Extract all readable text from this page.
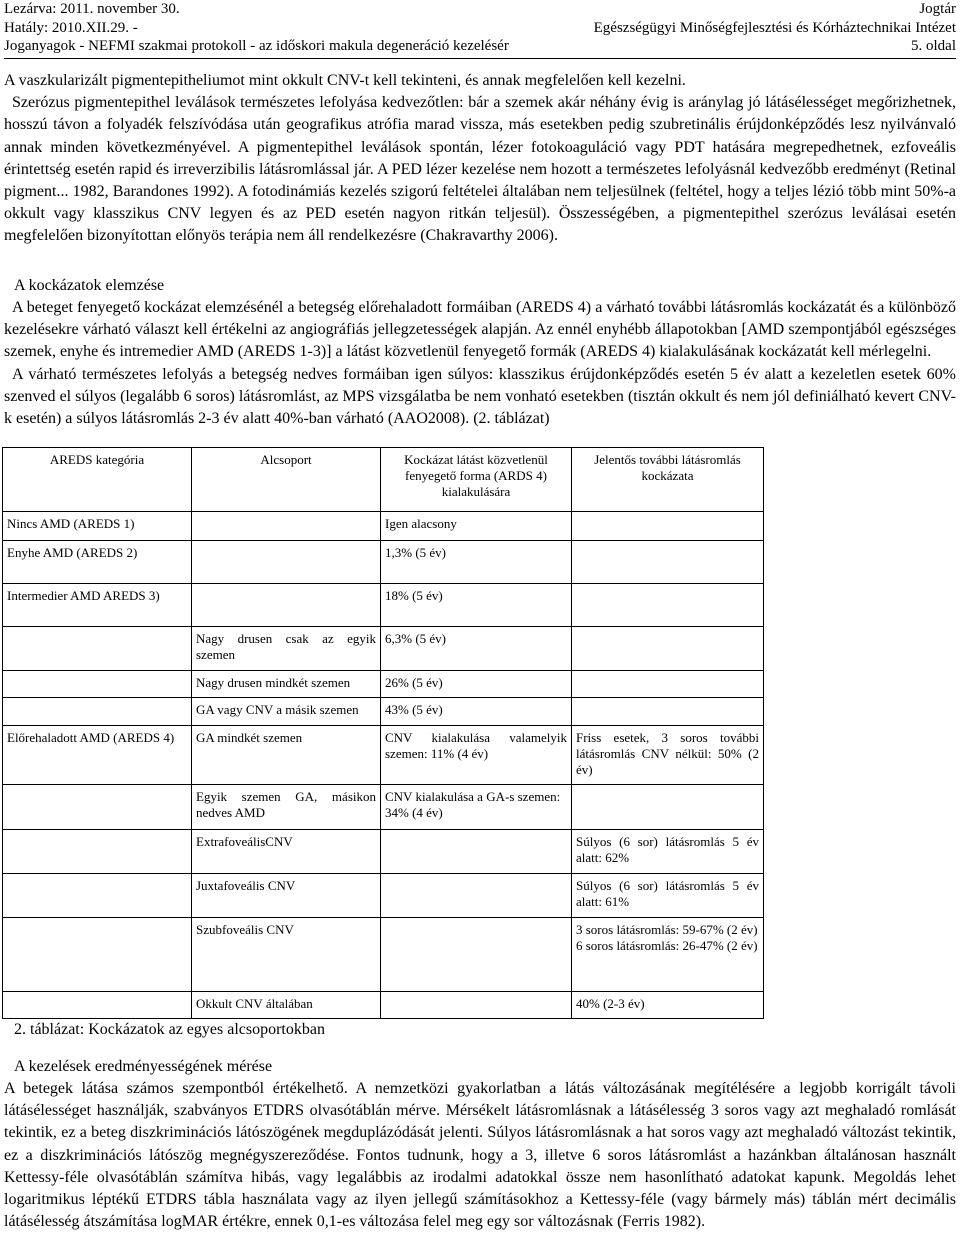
Lezárva: 2011. november 30.
Hatály: 2010.XII.29. -
Joganyagok - NEFMI szakmai protokoll - az időskori makula degeneráció kezelésér
Jogtár
Egészségügyi Minőségfejlesztési és Kórháztechnikai Intézet
5. oldal

A vaszkularizált pigmentepitheliumot mint okkult CNV-t kell tekinteni, és annak megfelelően kell kezelni.

Szerózus pigmentepithel leválások természetes lefolyása kedvezőtlen: bár a szemek akár néhány évig is aránylag jó látásélességet megőrizhetnek, hosszú távon a folyadék felszívódása után geografikus atrófia marad vissza, más esetekben pedig szubretinális érújdonképződés lesz nyilvánvaló annak minden következményével. A pigmentepithel leválások spontán, lézer fotokoaguláció vagy PDT hatására megrepedhetnek, ezfoveális érintettség esetén rapid és irreverzibilis látásromlással jár. A PED lézer kezelése nem hozott a természetes lefolyásnál kedvezőbb eredményt (Retinal pigment... 1982, Barandones 1992). A fotodinámiás kezelés szigorú feltételei általában nem teljesülnek (feltétel, hogy a teljes lézió több mint 50%-a okkult vagy klasszikus CNV legyen és az PED esetén nagyon ritkán teljesül). Összességében, a pigmentepithel szerózus leválásai esetén megfelelően bizonyítottan előnyös terápia nem áll rendelkezésre (Chakravarthy 2006).

A kockázatok elemzése

A beteget fenyegető kockázat elemzésénél a betegség előrehaladott formáiban (AREDS 4) a várható további látásromlás kockázatát és a különböző kezelésekre várható választ kell értékelni az angiográfiás jellegzetességek alapján. Az ennél enyhébb állapotokban [AMD szempontjából egészséges szemek, enyhe és intremedier AMD (AREDS 1-3)] a látást közvetlenül fenyegető formák (AREDS 4) kialakulásának kockázatát kell mérlegelni.

A várható természetes lefolyás a betegség nedves formáiban igen súlyos: klasszikus érújdonképződés esetén 5 év alatt a kezeletlen esetek 60% szenved el súlyos (legalább 6 soros) látásromlást, az MPS vizsgálatba be nem vonható esetekben (tisztán okkult és nem jól definiálható kevert CNV-k esetén) a súlyos látásromlás 2-3 év alatt 40%-ban várható (AAO2008). (2. táblázat)

AREDS kategória	Alcsoport	Kockázat látást közvetlenül fenyegető forma (ARDS 4) kialakulására	Jelentős további látásromlás kockázata
Nincs AMD (AREDS 1)		Igen alacsony	
Enyhe AMD (AREDS 2)		1,3% (5 év)	
Intermedier AMD AREDS 3)		18% (5 év)	
	Nagy drusen csak az egyik szemen	6,3% (5 év)	
	Nagy drusen mindkét szemen	26% (5 év)	
	GA vagy CNV a másik szemen	43% (5 év)	
Előrehaladott AMD (AREDS 4)	GA mindkét szemen	CNV kialakulása valamelyik szemen: 11% (4 év)	Friss esetek, 3 soros további látásromlás CNV nélkül: 50% (2 év)
	Egyik szemen GA, másikon nedves AMD	CNV kialakulása a GA-s szemen: 34% (4 év)	
	ExtrafoveálisCNV		Súlyos (6 sor) látásromlás 5 év alatt: 62%
	Juxtafoveális CNV		Súlyos (6 sor) látásromlás 5 év alatt: 61%
	Szubfoveális CNV		3 soros látásromlás: 59-67% (2 év) 6 soros látásromlás: 26-47% (2 év)
	Okkult CNV általában		40% (2-3 év)
2. táblázat: Kockázatok az egyes alcsoportokban

A kezelések eredményességének mérése

A betegek látása számos szempontból értékelhető. A nemzetközi gyakorlatban a látás változásának megítélésére a legjobb korrigált távoli látásélességet használják, szabványos ETDRS olvasótáblán mérve. Mérsékelt látásromlásnak a látásélesség 3 soros vagy azt meghaladó romlását tekintik, ez a beteg diszkriminációs látószögének megduplázódását jelenti. Súlyos látásromlásnak a hat soros vagy azt meghaladó változást tekintik, ez a diszkriminációs látószög megnégyszereződése. Fontos tudnunk, hogy a 3, illetve 6 soros látásromlást a hazánkban általánosan használt Kettessy-féle olvasótáblán számítva hibás, vagy legalábbis az irodalmi adatokkal össze nem hasonlítható adatokat kapunk. Megoldás lehet logaritmikus léptékű ETDRS tábla használata vagy az ilyen jellegű számításokhoz a Kettessy-féle (vagy bármely más) táblán mért decimális látásélesség átszámítása logMAR értékre, ennek 0,1-es változása felel meg egy sor változásnak (Ferris 1982).
